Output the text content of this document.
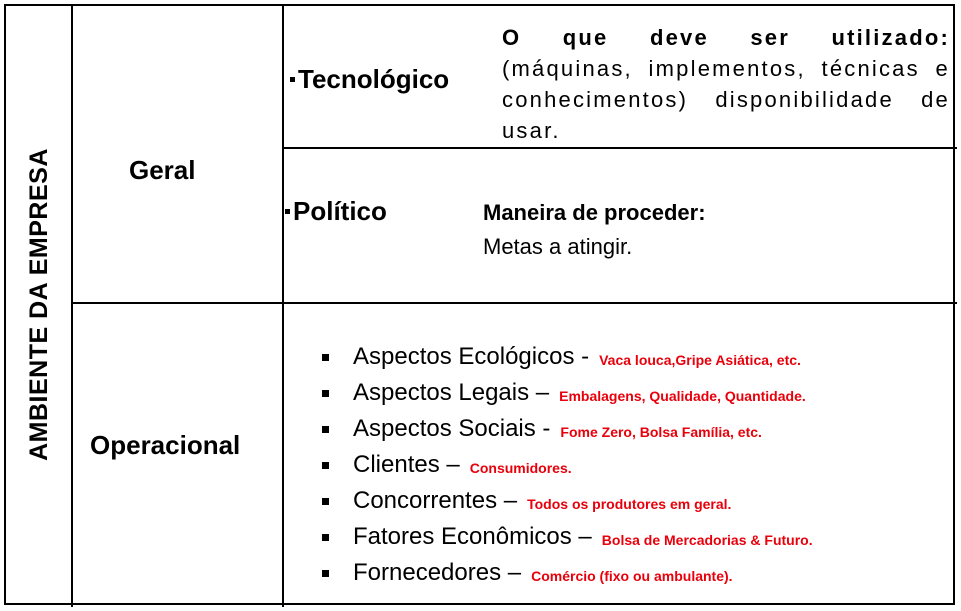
AMBIENTE DA EMPRESA	Geral
Operacional
Tecnológico
O que deve ser utilizado: (máquinas, implementos, técnicas e conhecimentos) disponibilidade de usar.
Político	Maneira de proceder:
Metas a atingir.
Aspectos Ecológicos - Vaca louca,Gripe Asiática, etc.
Aspectos Legais – Embalagens, Qualidade, Quantidade.
Aspectos Sociais - Fome Zero, Bolsa Família, etc.
Clientes – Consumidores.
Concorrentes – Todos os produtores em geral.
Fatores Econômicos – Bolsa de Mercadorias & Futuro.
Fornecedores – Comércio (fixo ou ambulante).
